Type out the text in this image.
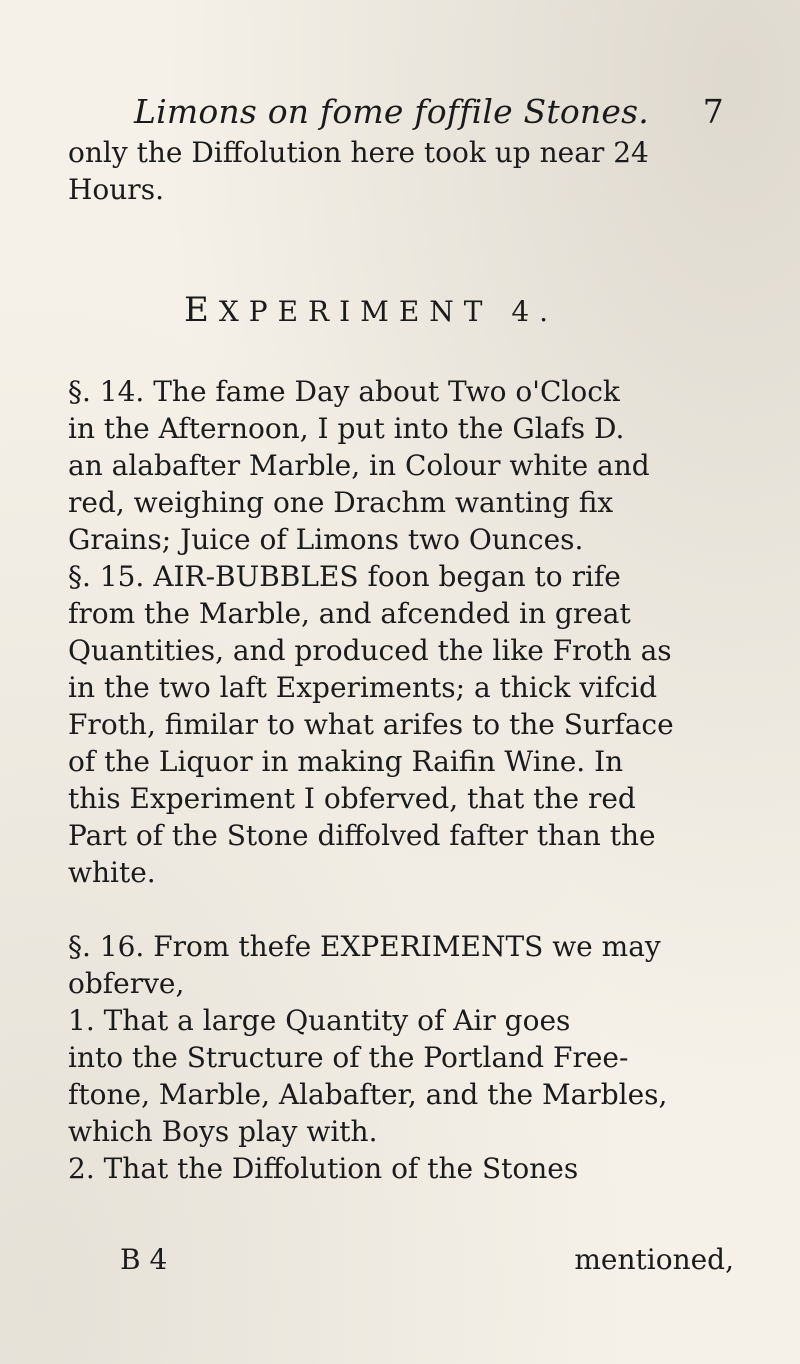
Limons on fome foffile Stones.	7
only the Diffolution here took up near 24
Hours.
EXPERIMENT 4.
§. 14. The fame Day about Two o'Clock
in the Afternoon, I put into the Glafs D.
an alabafter Marble, in Colour white and
red, weighing one Drachm wanting fix
Grains; Juice of Limons two Ounces.
§. 15. AIR-BUBBLES foon began to rife
from the Marble, and afcended in great
Quantities, and produced the like Froth as
in the two laft Experiments; a thick vifcid
Froth, fimilar to what arifes to the Surface
of the Liquor in making Raifin Wine. In
this Experiment I obferved, that the red
Part of the Stone diffolved fafter than the
white.
§. 16. From thefe EXPERIMENTS we may
obferve,
1. That a large Quantity of Air goes
into the Structure of the Portland Free-
ftone, Marble, Alabafter, and the Marbles,
which Boys play with.
2. That the Diffolution of the Stones
B 4	mentioned,
